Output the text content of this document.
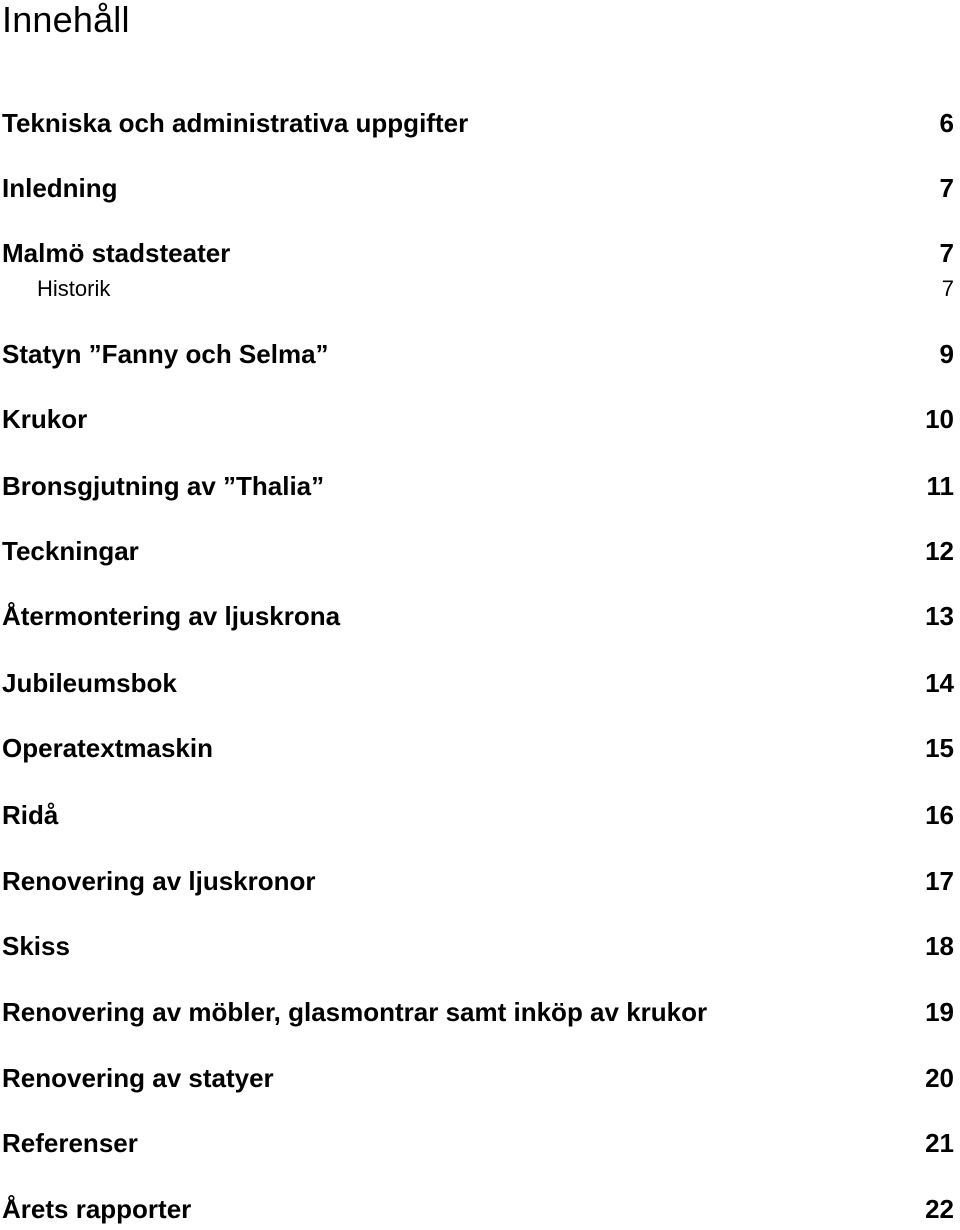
Innehåll
Tekniska och administrativa uppgifter	6
Inledning	7
Malmö stadsteater	7
Historik	7
Statyn ”Fanny och Selma”	9
Krukor	10
Bronsgjutning av ”Thalia”	11
Teckningar	12
Återmontering av ljuskrona	13
Jubileumsbok	14
Operatextmaskin	15
Ridå	16
Renovering av ljuskronor	17
Skiss	18
Renovering av möbler, glasmontrar samt inköp av krukor	19
Renovering av statyer	20
Referenser	21
Årets rapporter	22
